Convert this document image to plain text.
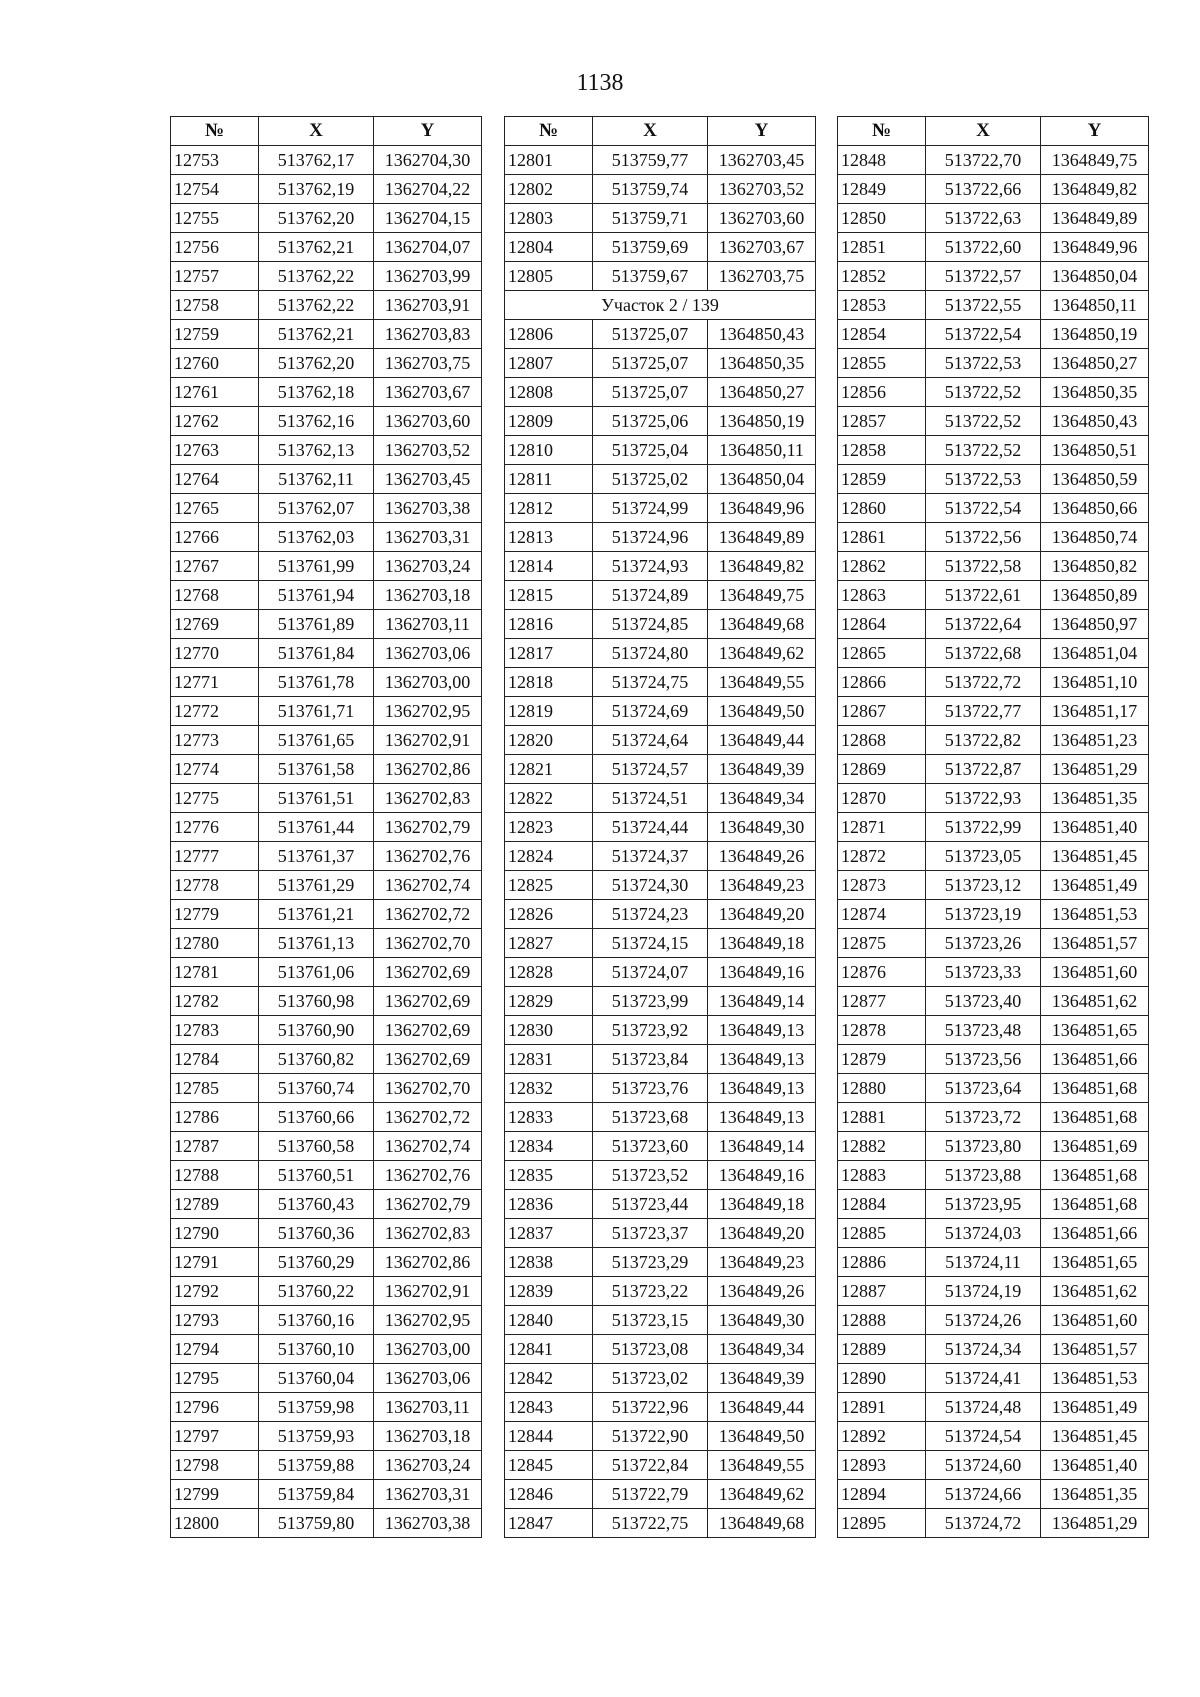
1138
№	X	Y
12753	513762,17	1362704,30
12754	513762,19	1362704,22
12755	513762,20	1362704,15
12756	513762,21	1362704,07
12757	513762,22	1362703,99
12758	513762,22	1362703,91
12759	513762,21	1362703,83
12760	513762,20	1362703,75
12761	513762,18	1362703,67
12762	513762,16	1362703,60
12763	513762,13	1362703,52
12764	513762,11	1362703,45
12765	513762,07	1362703,38
12766	513762,03	1362703,31
12767	513761,99	1362703,24
12768	513761,94	1362703,18
12769	513761,89	1362703,11
12770	513761,84	1362703,06
12771	513761,78	1362703,00
12772	513761,71	1362702,95
12773	513761,65	1362702,91
12774	513761,58	1362702,86
12775	513761,51	1362702,83
12776	513761,44	1362702,79
12777	513761,37	1362702,76
12778	513761,29	1362702,74
12779	513761,21	1362702,72
12780	513761,13	1362702,70
12781	513761,06	1362702,69
12782	513760,98	1362702,69
12783	513760,90	1362702,69
12784	513760,82	1362702,69
12785	513760,74	1362702,70
12786	513760,66	1362702,72
12787	513760,58	1362702,74
12788	513760,51	1362702,76
12789	513760,43	1362702,79
12790	513760,36	1362702,83
12791	513760,29	1362702,86
12792	513760,22	1362702,91
12793	513760,16	1362702,95
12794	513760,10	1362703,00
12795	513760,04	1362703,06
12796	513759,98	1362703,11
12797	513759,93	1362703,18
12798	513759,88	1362703,24
12799	513759,84	1362703,31
12800	513759,80	1362703,38
№	X	Y
12801	513759,77	1362703,45
12802	513759,74	1362703,52
12803	513759,71	1362703,60
12804	513759,69	1362703,67
12805	513759,67	1362703,75
Участок 2 / 139		
12806	513725,07	1364850,43
12807	513725,07	1364850,35
12808	513725,07	1364850,27
12809	513725,06	1364850,19
12810	513725,04	1364850,11
12811	513725,02	1364850,04
12812	513724,99	1364849,96
12813	513724,96	1364849,89
12814	513724,93	1364849,82
12815	513724,89	1364849,75
12816	513724,85	1364849,68
12817	513724,80	1364849,62
12818	513724,75	1364849,55
12819	513724,69	1364849,50
12820	513724,64	1364849,44
12821	513724,57	1364849,39
12822	513724,51	1364849,34
12823	513724,44	1364849,30
12824	513724,37	1364849,26
12825	513724,30	1364849,23
12826	513724,23	1364849,20
12827	513724,15	1364849,18
12828	513724,07	1364849,16
12829	513723,99	1364849,14
12830	513723,92	1364849,13
12831	513723,84	1364849,13
12832	513723,76	1364849,13
12833	513723,68	1364849,13
12834	513723,60	1364849,14
12835	513723,52	1364849,16
12836	513723,44	1364849,18
12837	513723,37	1364849,20
12838	513723,29	1364849,23
12839	513723,22	1364849,26
12840	513723,15	1364849,30
12841	513723,08	1364849,34
12842	513723,02	1364849,39
12843	513722,96	1364849,44
12844	513722,90	1364849,50
12845	513722,84	1364849,55
12846	513722,79	1364849,62
12847	513722,75	1364849,68
№	X	Y
12848	513722,70	1364849,75
12849	513722,66	1364849,82
12850	513722,63	1364849,89
12851	513722,60	1364849,96
12852	513722,57	1364850,04
12853	513722,55	1364850,11
12854	513722,54	1364850,19
12855	513722,53	1364850,27
12856	513722,52	1364850,35
12857	513722,52	1364850,43
12858	513722,52	1364850,51
12859	513722,53	1364850,59
12860	513722,54	1364850,66
12861	513722,56	1364850,74
12862	513722,58	1364850,82
12863	513722,61	1364850,89
12864	513722,64	1364850,97
12865	513722,68	1364851,04
12866	513722,72	1364851,10
12867	513722,77	1364851,17
12868	513722,82	1364851,23
12869	513722,87	1364851,29
12870	513722,93	1364851,35
12871	513722,99	1364851,40
12872	513723,05	1364851,45
12873	513723,12	1364851,49
12874	513723,19	1364851,53
12875	513723,26	1364851,57
12876	513723,33	1364851,60
12877	513723,40	1364851,62
12878	513723,48	1364851,65
12879	513723,56	1364851,66
12880	513723,64	1364851,68
12881	513723,72	1364851,68
12882	513723,80	1364851,69
12883	513723,88	1364851,68
12884	513723,95	1364851,68
12885	513724,03	1364851,66
12886	513724,11	1364851,65
12887	513724,19	1364851,62
12888	513724,26	1364851,60
12889	513724,34	1364851,57
12890	513724,41	1364851,53
12891	513724,48	1364851,49
12892	513724,54	1364851,45
12893	513724,60	1364851,40
12894	513724,66	1364851,35
12895	513724,72	1364851,29
